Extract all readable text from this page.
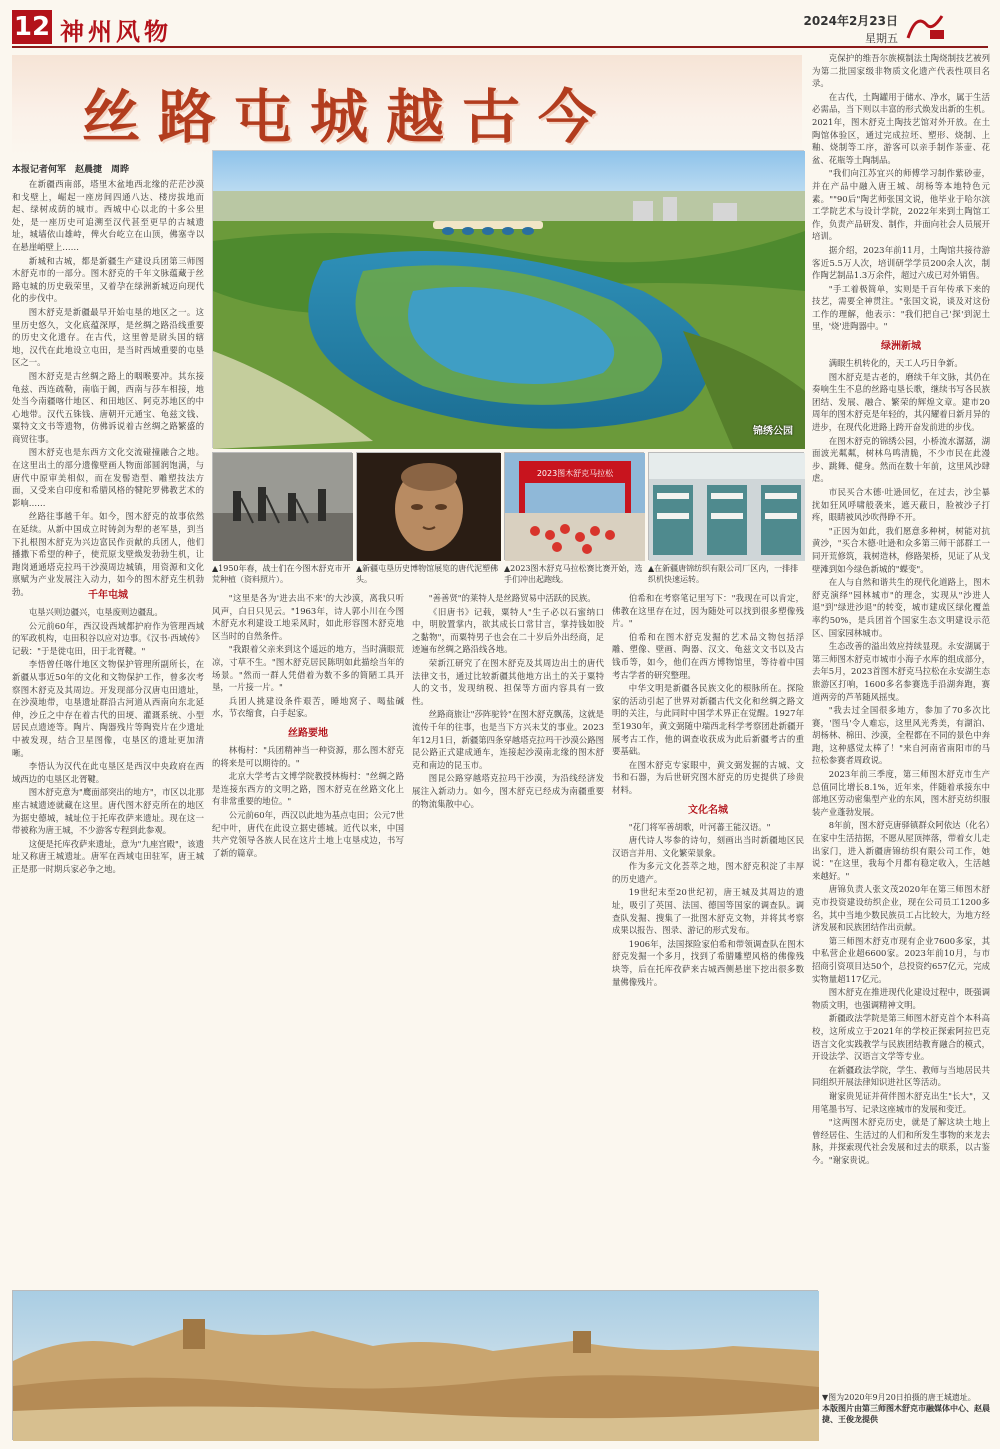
12 神州风物	2024年2月23日
星期五
丝路屯城越古今
本报记者何军　赵晨捷　周晔
锦绣公园
2023图木舒克马拉松
▲1950年春，战士们在今图木舒克市开荒种植（资料照片）。
▲新疆屯垦历史博物馆展览的唐代泥塑佛头。
▲2023图木舒克马拉松赛比赛开始，选手们冲出起跑线。
▲在新疆唐锦纺织有限公司厂区内，一排排织机快速运转。

在新疆西南部，塔里木盆地西北缘的茫茫沙漠和戈壁上，崛起一座房间四通八达、楼房拔地而起、绿树成荫的城市。西城中心以北的十多公里处，是一座历史可追溯至汉代甚至更早的古城遗址，城墙依山雄峙，俾火台屹立在山顶，佛塞寺以在悬崖峭壁上……

新城和古城，都是新疆生产建设兵团第三师图木舒克市的一部分。图木舒克的千年文脉蕴藏于丝路屯城的历史载荣里，又着孕在绿洲新城迈向现代化的步伐中。

图木舒克是新疆最早开始屯垦的地区之一。这里历史悠久，文化底蕴深厚，是丝绸之路沿线重要的历史文化遗存。在古代，这里曾是尉头国的辖地，汉代在此地设立屯田，是当时西域重要的屯垦区之一。

图木舒克是古丝绸之路上的咽喉要冲。其东接龟兹、西连疏勒，南临于阗，西南与莎车相接，地处当今南疆喀什地区、和田地区、阿克苏地区的中心地带。汉代五铢钱、唐朝开元通宝、龟兹文钱、粟特文文书等遗物，仿佛诉说着古丝绸之路繁盛的商贸往事。

图木舒克也是东西方文化交流碰撞融合之地。在这里出土的部分遗像壁画人物面部圆润饱满，与唐代中原审美相似，而在发髻造型、雕塑技法方面，又受来自印度和希腊风格的犍陀罗佛教艺术的影响……

丝路往事越千年。如今，图木舒克的故事依然在延续。从新中国成立时铸剑为犁的老军垦，到当下扎根图木舒克为兴边富民作贡献的兵团人，他们播撒下希望的种子，使荒原戈壁焕发勃勃生机，让跑岗通通塔克拉玛干沙漠周边城镇，用资源和文化禀赋为产业发展注入动力，如今的图木舒克生机勃勃。	千年屯城

屯垦兴则边疆兴，屯垦废则边疆乱。

公元前60年，西汉设西域都护府作为管理西域的军政机构，屯田积谷以应对边事。《汉书·西域传》记载："于是徙屯田，田于北胥鞬。"

李悟曾任喀什地区文物保护管理所副所长，在新疆从事近50年的文化和文物保护工作，曾多次考察图木舒克及其周边。开发现部分汉唐屯田遗址，在沙漠地带，屯垦遗址群沿古河道从西南向东北延伸，沙丘之中存在着古代的田埂、灌溉系统、小型居民点遗迹等。陶片、陶器残片等陶瓷片在少遗址中被发现，结合卫星图像，屯垦区的遗址更加清晰。

李悟认为汉代在此屯垦区是西汉中央政府在西域西边的屯垦区北胥鞬。

图木舒克意为"鹰面部突出的地方"，市区以北那座古城遗迹就藏在这里。唐代图木舒克所在的地区为据史德城，城址位于托库孜萨来遗址。现在这一带被称为唐王城，不少游客专程到此参观。

这便是托库孜萨来遗址，意为"九座宫殿"，该遗址又称唐王城遗址。唐军在西域屯田驻军，唐王城正是那一时期兵家必争之地。

"这里是各为'进去出不来'的大沙漠，离我只听风声，白日只见云。"1963年，诗人郭小川在今图木舒克水利建设工地采风时，如此形容图木舒克地区当时的自然条件。

"我跟着父亲来到这个遥远的地方，当时满眼荒凉，寸草不生。"图木舒克居民陈明如此描绘当年的场景。"然而一群人凭借着为数不多的简陋工具开垦，一片接一片。"

兵团人挑建设条件艰苦，睡地窝子、喝盐碱水，节衣缩食，白手起家。

丝路要地

林梅村："兵团精神当一种资源，那么图木舒克的将来是可以期待的。"

北京大学考古文博学院教授林梅村："丝绸之路是连接东西方的文明之路，图木舒克在丝路文化上有非常重要的地位。"

公元前60年，西汉以此地为基点屯田；公元7世纪中叶，唐代在此设立据史德城。近代以来，中国共产党领导各族人民在这片土地上屯垦戍边，书写了新的篇章。

"善善贤"的莱特人是丝路贸易中活跃的民族。

《旧唐书》记载，粟特人"生子必以石蜜纳口中，明胶置掌内，欲其成长口常甘言，掌持钱如胶之黏物"，而粟特男子也会在二十岁后外出经商，足迹遍布丝绸之路沿线各地。

荣新江研究了在图木舒克及其周边出土的唐代法律文书，通过比较新疆其他地方出土的关于粟特人的文书，发现纳税、担保等方面内容具有一致性。

丝路商旅让"莎阵驼铃"在图木舒克飘荡，这就是流传千年的往事，也是当下方兴未艾的事业。2023年12月1日，新疆第四条穿越塔克拉玛干沙漠公路图昆公路正式建成通车，连接起沙漠南北缘的图木舒克和南边的昆玉市。

图昆公路穿越塔克拉玛干沙漠，为沿线经济发展注入新动力。如今，图木舒克已经成为南疆重要的物流集散中心。

伯希和在考察笔记里写下："我现在可以肯定，佛教在这里存在过，因为随处可以找到很多塑像残片。"

伯希和在图木舒克发掘的艺术品文物包括浮雕、塑像、壁画、陶器、汉文、龟兹文文书以及古钱币等，如今，他们在西方博物馆里，等待着中国考古学者的研究整理。

中华文明是新疆各民族文化的根脉所在。探险家的活动引起了世界对新疆古代文化和丝绸之路文明的关注，与此同时中国学术界正在觉醒。1927年至1930年，黄文弼随中瑞西北科学考察团赴新疆开展考古工作，他的调查收获成为此后新疆考古的重要基础。

在图木舒克专家眼中，黄文弼发掘的古城、文书和石器，为后世研究图木舒克的历史提供了珍贵材料。

文化名城

"花门将军善胡歌，叶河蕃王能汉语。"

唐代诗人岑参的诗句，刻画出当时新疆地区民汉语言并用、文化繁荣景象。

作为多元文化荟萃之地，图木舒克积淀了丰厚的历史遗产。

19世纪末至20世纪初，唐王城及其周边的遗址，吸引了英国、法国、德国等国家的调查队。调查队发掘、搜集了一批图木舒克文物，并将其考察成果以报告、图录、游记的形式发布。

1906年，法国探险家伯希和带领调查队在图木舒克发掘一个多月，找到了希腊雕塑风格的佛像残块等，后在托库孜萨来古城西侧悬崖下挖出很多数量佛像残片。

克保护的维吾尔族模制法土陶烧制技艺被列为第二批国家级非物质文化遗产代表性项目名录。

在古代，土陶罐用于储水、净水，属于生活必需品，当下则以丰富的形式焕发出新的生机。2021年，图木舒克土陶技艺馆对外开放。在土陶馆体验区，通过完成拉坯、塑形、烧制、上釉、烧制等工序，游客可以亲手制作茶壶、花盆、花瓶等土陶制品。

"我们向江苏宜兴的师傅学习制作紫砂壶，并在产品中融入唐王城、胡杨等本地特色元素。""90后"陶艺师张国文说，他毕业于哈尔滨工学院艺术与设计学院，2022年来到土陶馆工作，负责产品研发、制作，并面向社会人员展开培训。

据介绍，2023年前11月，土陶馆共接待游客近5.5万人次，培训研学学员200余人次，制作陶艺制品1.3万余件，超过六成已对外销售。

"手工着极简单，实则是千百年传承下来的技艺，需要全神贯注。"张国文说，谈及对这份工作的理解，他表示："我们把自己'探'到泥土里，'烧'进陶器中。"

绿洲新城

满眼生机转化的，天工人巧日争新。

图木舒克是古老的，磨续千年文脉，其仍在奏响生生不息的丝路屯垦长歌，继续书写各民族团结、发展、融合、繁荣的辉煌文章。建市20周年的图木舒克是年轻的，其闪耀着日新月异的进步，在现代化进路上跨开奋发前进的步伐。

在图木舒克的锦绣公园，小桥流水潺潺，湖面波光粼粼，树林鸟鸣清脆，不少市民在此漫步、跳舞、健身。然而在数十年前，这里风沙肆虐。

市民买合木德·吐逊回忆，在过去，沙尘暴扰如狂风呼啸般袭来，遮天蔽日，脸被沙子打疼，眼睛被风沙吹得睁不开。

"正因为如此，我们愿意多种树，树能对抗黄沙，"买合木德·吐逊和众多第三师干部群工一同开荒修筑，栽树造林，修路架桥，见证了从戈壁滩到如今绿色新城的"蝶变"。

在人与自然和谐共生的现代化道路上，图木舒克演绎"园林城市"的理念，实现从"沙进人退"到"绿进沙退"的转变，城市建成区绿化覆盖率约50%，是兵团首个国家生态文明建设示范区、国家园林城市。

生态改善的溢出效应持续显现。永安湖属于第三师图木舒克市城市小海子水库的组成部分，去年5月，2023首图木舒克马拉松在永安湖生态旅游区打响，1600多名参赛选手沿湖奔跑，赛道两旁的芦苇随风摇曳。

"我去过全国很多地方，参加了70多次比赛，'图马'令人难忘，这里风光秀美，有湖泊、胡杨林、棉田、沙漠，全程都在不同的景色中奔跑，这种感觉太棒了！"来自河南省南阳市的马拉松参赛者周政说。

2023年前三季度，第三师图木舒克市生产总值同比增长8.1%，近年来，伴随着承接东中部地区劳动密集型产业的东风，图木舒克纺织服装产业蓬勃发展。

8年前，图木舒克唐驿镇群众阿依达（化名）在家中生活拮据，不愿从屋顶摔落，带着女儿走出家门，进入新疆唐锦纺织有限公司工作，她说："在这里，我每个月都有稳定收入，生活越来越好。"

唐锦负责人张文茂2020年在第三师图木舒克市投资建设纺织企业，现在公司员工1200多名，其中当地少数民族员工占比较大，为地方经济发展和民族团结作出贡献。

第三师图木舒克市现有企业7600多家，其中私营企业超6600家。2023年前10月，与市招商引资项目达50个，总投资约657亿元，完成实物量超117亿元。

图木舒克在推进现代化建设过程中，既强调物质文明，也强调精神文明。

新疆政法学院是第三师图木舒克首个本科高校，这所成立于2021年的学校正探索阿拉巴克语言文化实践教学与民族团结教育融合的模式，开设法学、汉语言文学等专业。

在新疆政法学院，学生、教师与当地居民共同组织开展法律知识进社区等活动。

谢家贵见证并荷伴图木舒克出生"长大"，又用笔墨书写、记录这座城市的发展和变迁。

"这两图木舒克历史，就是了解这块土地上曾经居住、生活过的人们和所发生事物的来龙去脉，并探索现代社会发展和过去的联系，以古鉴今。"谢家贵说。

▼图为2020年9月20日拍摄的唐王城遗址。
本版图片由第三师图木舒克市融媒体中心、赵晨捷、王俊龙提供
